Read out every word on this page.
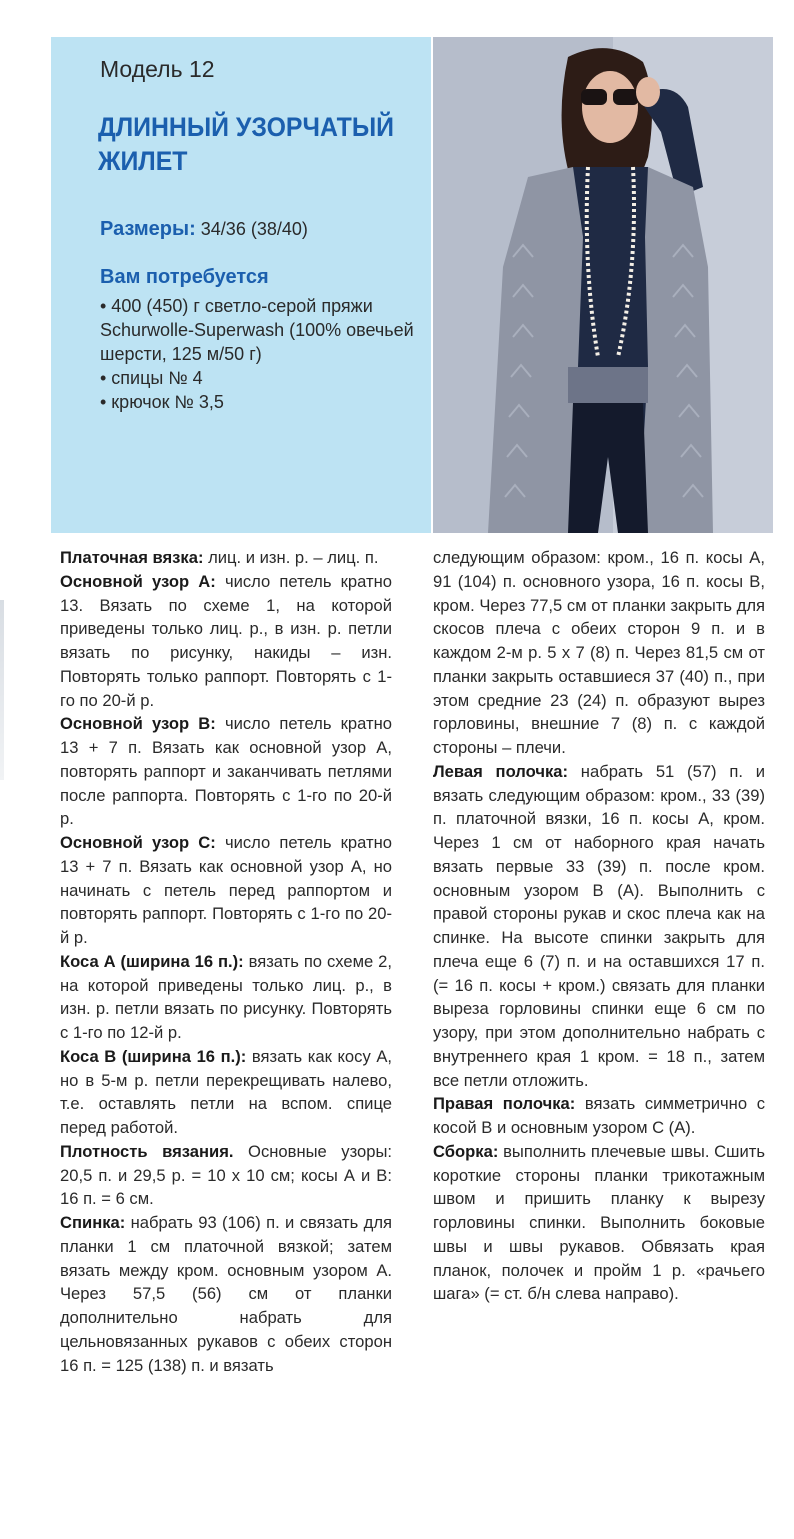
Модель 12
ДЛИННЫЙ УЗОРЧАТЫЙ ЖИЛЕТ
Размеры: 34/36 (38/40)
Вам потребуется
• 400 (450) г светло-серой пряжи Schurwolle-Superwash (100% овечьей шерсти, 125 м/50 г)
• спицы № 4
• крючок № 3,5

Платочная вязка: лиц. и изн. р. – лиц. п.

Основной узор А: число петель кратно 13. Вязать по схеме 1, на которой приведены только лиц. р., в изн. р. петли вязать по рисунку, накиды – изн. Повторять только раппорт. Повторять с 1-го по 20-й р.

Основной узор В: число петель кратно 13 + 7 п. Вязать как основной узор А, повторять раппорт и заканчивать петлями после раппорта. Повторять с 1-го по 20-й р.

Основной узор С: число петель кратно 13 + 7 п. Вязать как основной узор А, но начинать с петель перед раппортом и повторять раппорт. Повторять с 1-го по 20-й р.

Коса А (ширина 16 п.): вязать по схеме 2, на которой приведены только лиц. р., в изн. р. петли вязать по рисунку. Повторять с 1-го по 12-й р.

Коса В (ширина 16 п.): вязать как косу А, но в 5-м р. петли перекрещивать налево, т.е. оставлять петли на вспом. спице перед работой.

Плотность вязания. Основные узоры: 20,5 п. и 29,5 р. = 10 х 10 см; косы А и В: 16 п. = 6 см.

Спинка: набрать 93 (106) п. и связать для планки 1 см платочной вязкой; затем вязать между кром. основным узором А. Через 57,5 (56) см от планки дополнительно набрать для цельновязанных рукавов с обеих сторон 16 п. = 125 (138) п. и вязать

следующим образом: кром., 16 п. косы А, 91 (104) п. основного узора, 16 п. косы В, кром. Через 77,5 см от планки закрыть для скосов плеча с обеих сторон 9 п. и в каждом 2-м р. 5 х 7 (8) п. Через 81,5 см от планки закрыть оставшиеся 37 (40) п., при этом средние 23 (24) п. образуют вырез горловины, внешние 7 (8) п. с каждой стороны – плечи.

Левая полочка: набрать 51 (57) п. и вязать следующим образом: кром., 33 (39) п. платочной вязки, 16 п. косы А, кром. Через 1 см от наборного края начать вязать первые 33 (39) п. после кром. основным узором В (А). Выполнить с правой стороны рукав и скос плеча как на спинке. На высоте спинки закрыть для плеча еще 6 (7) п. и на оставшихся 17 п. (= 16 п. косы + кром.) связать для планки выреза горловины спинки еще 6 см по узору, при этом дополнительно набрать с внутреннего края 1 кром. = 18 п., затем все петли отложить.

Правая полочка: вязать симметрично с косой В и основным узором С (А).

Сборка: выполнить плечевые швы. Сшить короткие стороны планки трикотажным швом и пришить планку к вырезу горловины спинки. Выполнить боковые швы и швы рукавов. Обвязать края планок, полочек и пройм 1 р. «рачьего шага» (= ст. б/н слева направо).
